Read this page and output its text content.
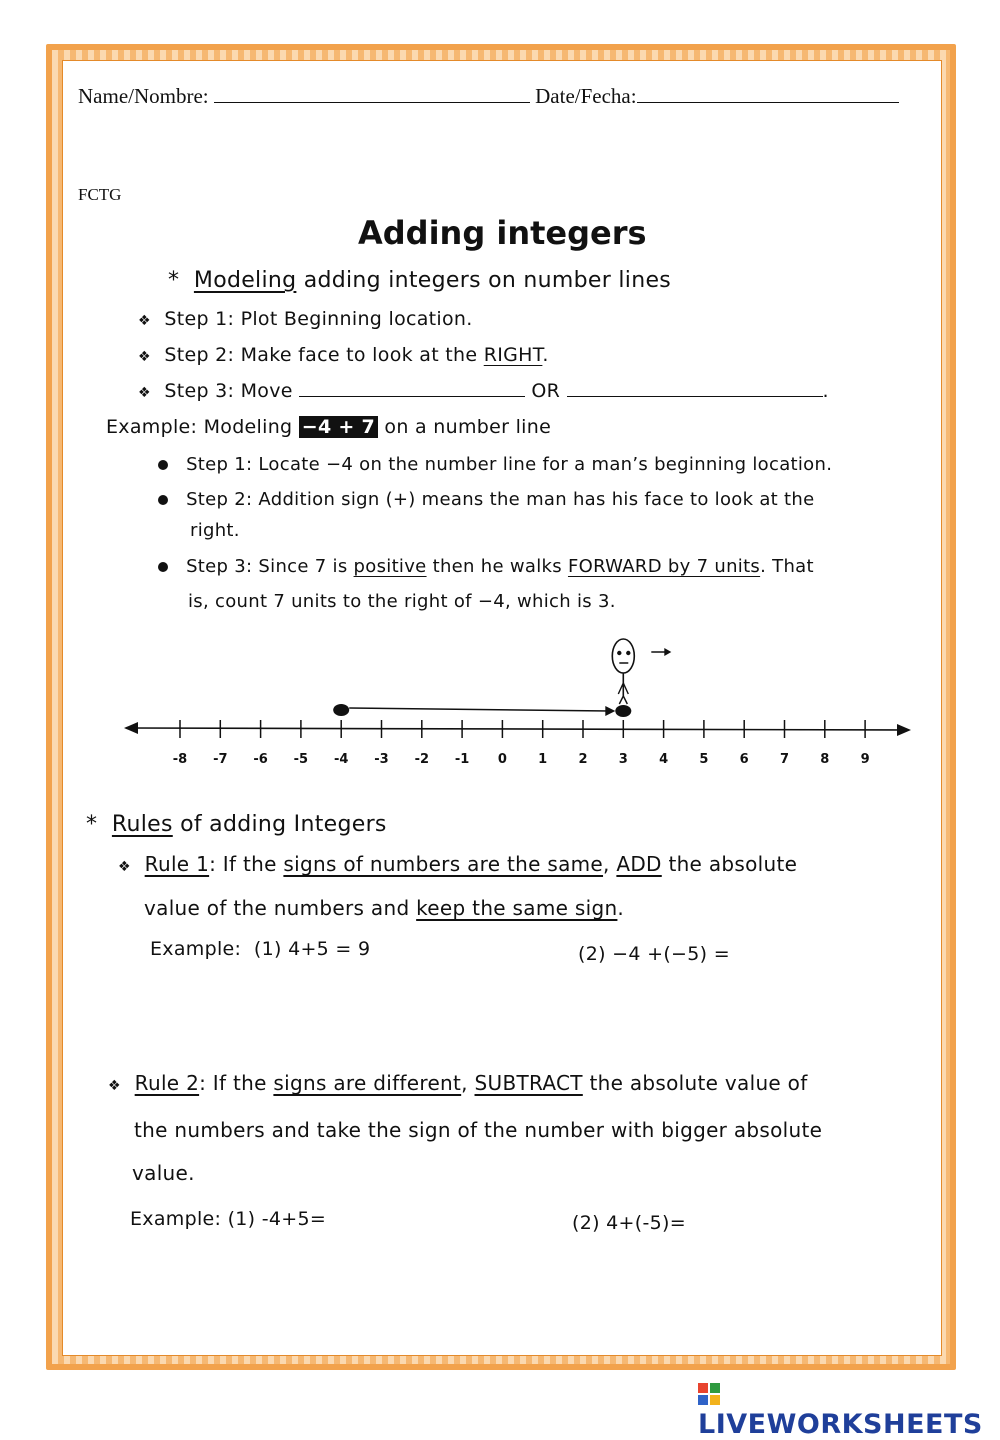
Name/Nombre:	Date/Fecha:
FCTG
Adding integers
* Modeling adding integers on number lines
❖ Step 1: Plot Beginning location.
❖ Step 2: Make face to look at the RIGHT.
❖ Step 3: Move	OR	.
Example: Modeling −4 + 7 on a number line
Step 1: Locate −4 on the number line for a man’s beginning location.
Step 2: Addition sign (+) means the man has his face to look at the
right.
Step 3: Since 7 is positive then he walks FORWARD by 7 units. That
is, count 7 units to the right of −4, which is 3.
-8 -7 -6 -5 -4 -3 -2 -1 0 1 2 3 4 5 6 7 8 9
* Rules of adding Integers
❖ Rule 1: If the signs of numbers are the same, ADD the absolute
value of the numbers and keep the same sign.
Example: (1) 4+5 = 9	(2) −4 +(−5) =
❖ Rule 2: If the signs are different, SUBTRACT the absolute value of
the numbers and take the sign of the number with bigger absolute
value.
Example: (1) -4+5=	(2) 4+(-5)=
LIVEWORKSHEETS
